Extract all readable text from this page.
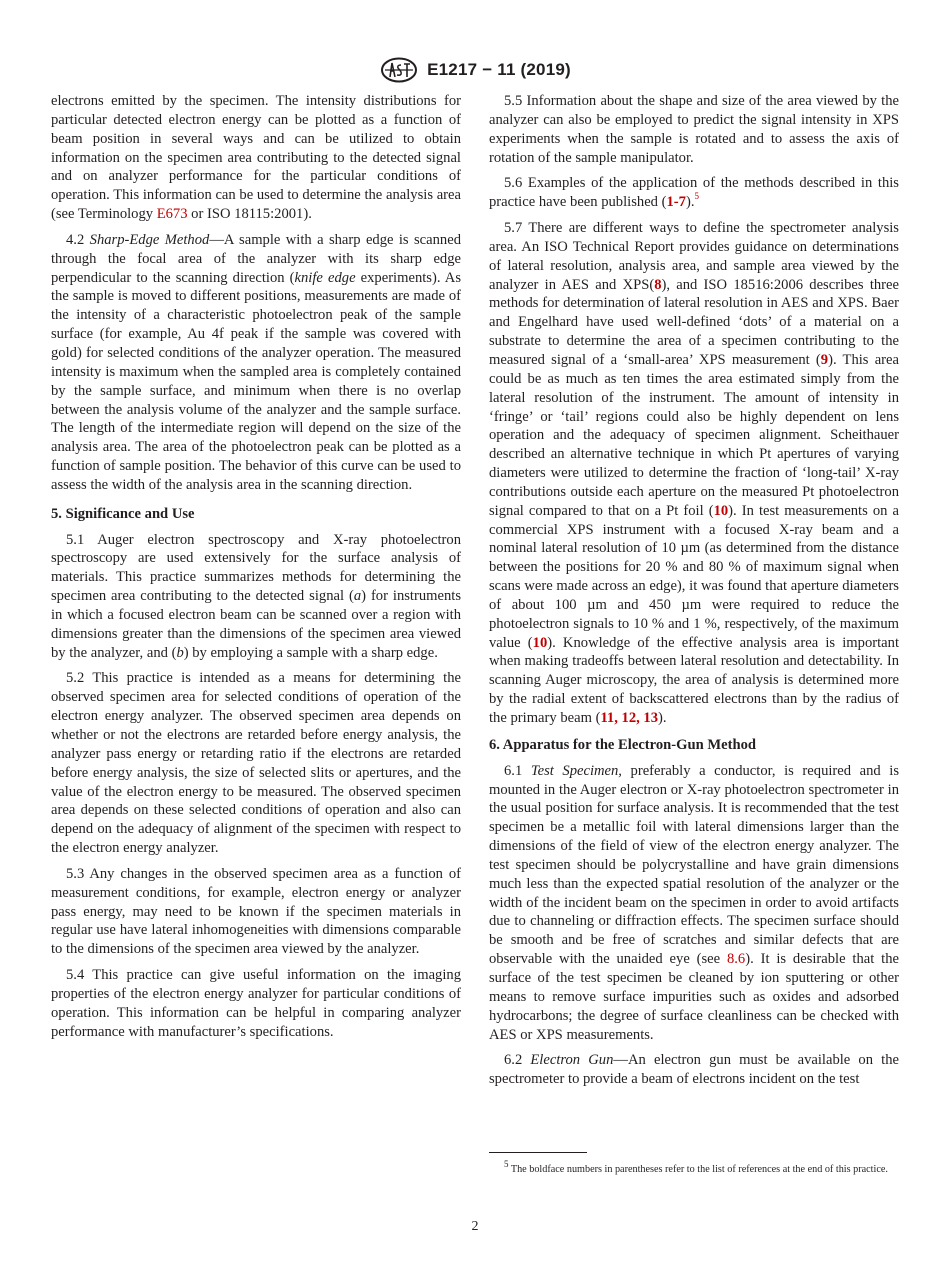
E1217 − 11 (2019)

electrons emitted by the specimen. The intensity distributions for particular detected electron energy can be plotted as a function of beam position in several ways and can be utilized to obtain information on the specimen area contributing to the detected signal and on analyzer performance for the particular conditions of operation. This information can be used to determine the analysis area (see Terminology E673 or ISO 18115:2001).

4.2 Sharp-Edge Method—A sample with a sharp edge is scanned through the focal area of the analyzer with its sharp edge perpendicular to the scanning direction (knife edge experiments). As the sample is moved to different positions, measurements are made of the intensity of a characteristic photoelectron peak of the sample surface (for example, Au 4f peak if the sample was covered with gold) for selected conditions of the analyzer operation. The measured intensity is maximum when the sampled area is completely contained by the sample surface, and minimum when there is no overlap between the analysis volume of the analyzer and the sample surface. The length of the intermediate region will depend on the size of the analysis area. The area of the photoelectron peak can be plotted as a function of sample position. The behavior of this curve can be used to assess the width of the analysis area in the scanning direction.

5. Significance and Use

5.1 Auger electron spectroscopy and X-ray photoelectron spectroscopy are used extensively for the surface analysis of materials. This practice summarizes methods for determining the specimen area contributing to the detected signal (a) for instruments in which a focused electron beam can be scanned over a region with dimensions greater than the dimensions of the specimen area viewed by the analyzer, and (b) by employing a sample with a sharp edge.

5.2 This practice is intended as a means for determining the observed specimen area for selected conditions of operation of the electron energy analyzer. The observed specimen area depends on whether or not the electrons are retarded before energy analysis, the analyzer pass energy or retarding ratio if the electrons are retarded before energy analysis, the size of selected slits or apertures, and the value of the electron energy to be measured. The observed specimen area depends on these selected conditions of operation and also can depend on the adequacy of alignment of the specimen with respect to the electron energy analyzer.

5.3 Any changes in the observed specimen area as a function of measurement conditions, for example, electron energy or analyzer pass energy, may need to be known if the specimen materials in regular use have lateral inhomogeneities with dimensions comparable to the dimensions of the specimen area viewed by the analyzer.

5.4 This practice can give useful information on the imaging properties of the electron energy analyzer for particular conditions of operation. This information can be helpful in comparing analyzer performance with manufacturer’s specifications.

5.5 Information about the shape and size of the area viewed by the analyzer can also be employed to predict the signal intensity in XPS experiments when the sample is rotated and to assess the axis of rotation of the sample manipulator.

5.6 Examples of the application of the methods described in this practice have been published (1-7).$^5$

5.7 There are different ways to define the spectrometer analysis area. An ISO Technical Report provides guidance on determinations of lateral resolution, analysis area, and sample area viewed by the analyzer in AES and XPS(8), and ISO 18516:2006 describes three methods for determination of lateral resolution in AES and XPS. Baer and Engelhard have used well-defined ‘dots’ of a material on a substrate to determine the area of a specimen contributing to the measured signal of a ‘small-area’ XPS measurement (9). This area could be as much as ten times the area estimated simply from the lateral resolution of the instrument. The amount of intensity in ‘fringe’ or ‘tail’ regions could also be highly dependent on lens operation and the adequacy of specimen alignment. Scheithauer described an alternative technique in which Pt apertures of varying diameters were utilized to determine the fraction of ‘long-tail’ X-ray contributions outside each aperture on the measured Pt photoelectron signal compared to that on a Pt foil (10). In test measurements on a commercial XPS instrument with a focused X-ray beam and a nominal lateral resolution of 10 µm (as determined from the distance between the positions for 20 % and 80 % of maximum signal when scans were made across an edge), it was found that aperture diameters of about 100 µm and 450 µm were required to reduce the photoelectron signals to 10 % and 1 %, respectively, of the maximum value (10). Knowledge of the effective analysis area is important when making tradeoffs between lateral resolution and detectability. In scanning Auger microscopy, the area of analysis is determined more by the radial extent of backscattered electrons than by the radius of the primary beam (11, 12, 13).

6. Apparatus for the Electron-Gun Method

6.1 Test Specimen, preferably a conductor, is required and is mounted in the Auger electron or X-ray photoelectron spectrometer in the usual position for surface analysis. It is recommended that the test specimen be a metallic foil with lateral dimensions larger than the dimensions of the field of view of the electron energy analyzer. The test specimen should be polycrystalline and have grain dimensions much less than the expected spatial resolution of the analyzer or the width of the incident beam on the specimen in order to avoid artifacts due to channeling or diffraction effects. The specimen surface should be smooth and be free of scratches and similar defects that are observable with the unaided eye (see 8.6). It is desirable that the surface of the test specimen be cleaned by ion sputtering or other means to remove surface impurities such as oxides and adsorbed hydrocarbons; the degree of surface cleanliness can be checked with AES or XPS measurements.

6.2 Electron Gun—An electron gun must be available on the spectrometer to provide a beam of electrons incident on the test

$^5$ The boldface numbers in parentheses refer to the list of references at the end of this practice.
2
